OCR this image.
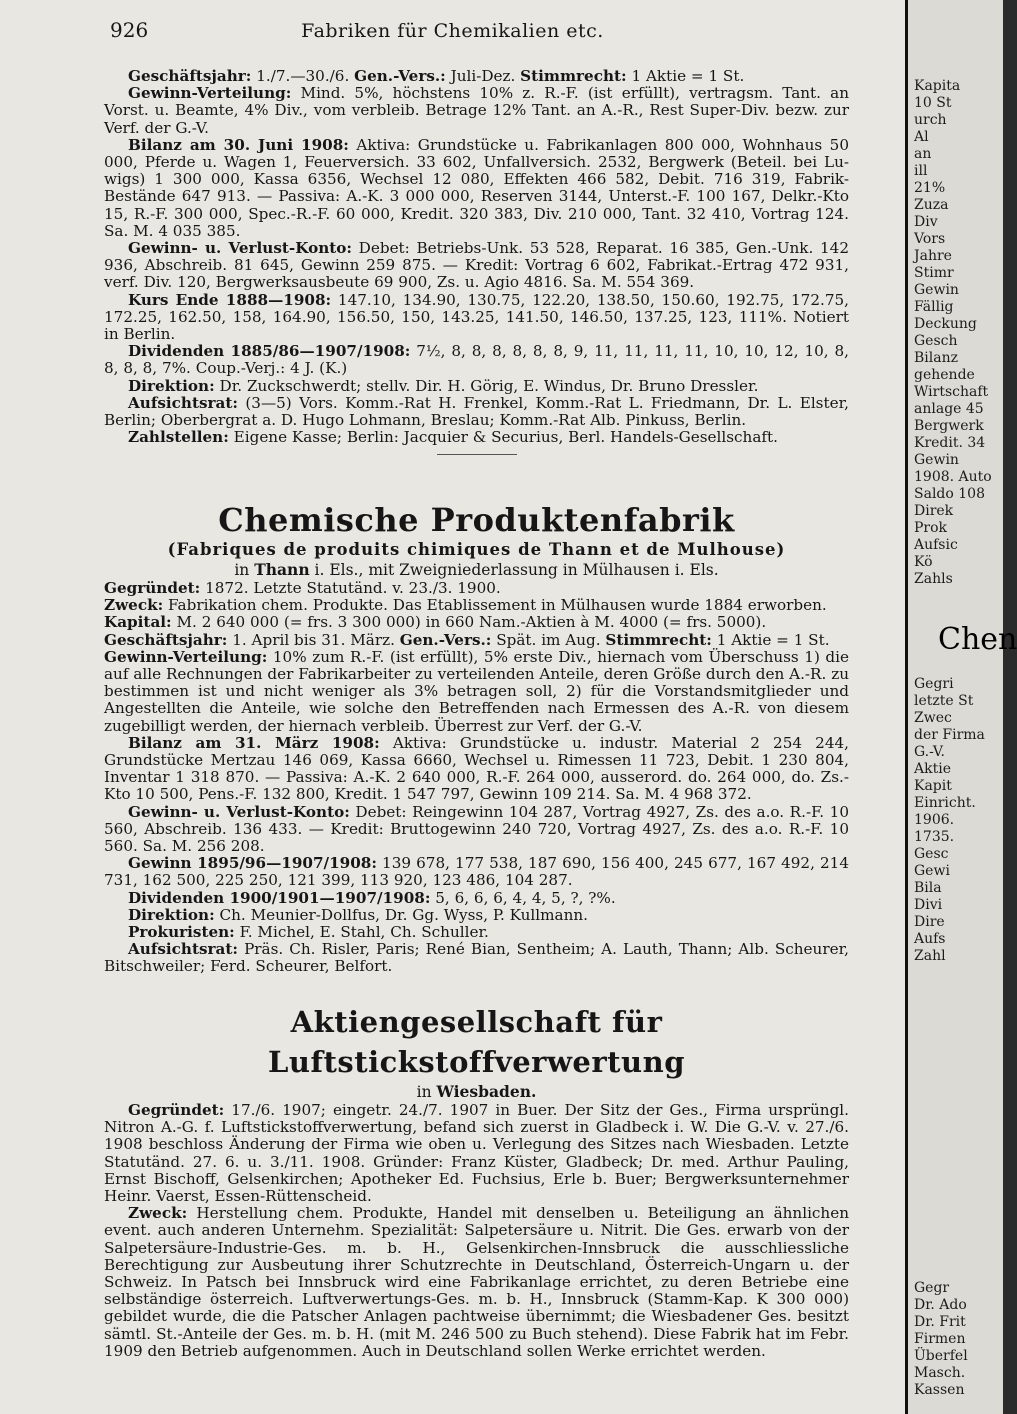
926	Fabriken für Chemikalien etc.

Geschäftsjahr: 1./7.—30./6. Gen.-Vers.: Juli-Dez. Stimmrecht: 1 Aktie = 1 St.

Gewinn-Verteilung: Mind. 5%, höchstens 10% z. R.-F. (ist erfüllt), vertragsm. Tant. an Vorst. u. Beamte, 4% Div., vom verbleib. Betrage 12% Tant. an A.-R., Rest Super-Div. bezw. zur Verf. der G.-V.

Bilanz am 30. Juni 1908: Aktiva: Grundstücke u. Fabrikanlagen 800 000, Wohnhaus 50 000, Pferde u. Wagen 1, Feuerversich. 33 602, Unfallversich. 2532, Bergwerk (Beteil. bei Lu-wigs) 1 300 000, Kassa 6356, Wechsel 12 080, Effekten 466 582, Debit. 716 319, Fabrik-Bestände 647 913. — Passiva: A.-K. 3 000 000, Reserven 3144, Unterst.-F. 100 167, Delkr.-Kto 15, R.-F. 300 000, Spec.-R.-F. 60 000, Kredit. 320 383, Div. 210 000, Tant. 32 410, Vortrag 124. Sa. M. 4 035 385.

Gewinn- u. Verlust-Konto: Debet: Betriebs-Unk. 53 528, Reparat. 16 385, Gen.-Unk. 142 936, Abschreib. 81 645, Gewinn 259 875. — Kredit: Vortrag 6 602, Fabrikat.-Ertrag 472 931, verf. Div. 120, Bergwerksausbeute 69 900, Zs. u. Agio 4816. Sa. M. 554 369.

Kurs Ende 1888—1908: 147.10, 134.90, 130.75, 122.20, 138.50, 150.60, 192.75, 172.75, 172.25, 162.50, 158, 164.90, 156.50, 150, 143.25, 141.50, 146.50, 137.25, 123, 111%. Notiert in Berlin.

Dividenden 1885/86—1907/1908: 7½, 8, 8, 8, 8, 8, 8, 9, 11, 11, 11, 11, 10, 10, 12, 10, 8, 8, 8, 8, 7%. Coup.-Verj.: 4 J. (K.)

Direktion: Dr. Zuckschwerdt; stellv. Dir. H. Görig, E. Windus, Dr. Bruno Dressler.

Aufsichtsrat: (3—5) Vors. Komm.-Rat H. Frenkel, Komm.-Rat L. Friedmann, Dr. L. Elster, Berlin; Oberbergrat a. D. Hugo Lohmann, Breslau; Komm.-Rat Alb. Pinkuss, Berlin.

Zahlstellen: Eigene Kasse; Berlin: Jacquier & Securius, Berl. Handels-Gesellschaft.

Chemische Produktenfabrik

(Fabriques de produits chimiques de Thann et de Mulhouse)

in Thann i. Els., mit Zweigniederlassung in Mülhausen i. Els.

Gegründet: 1872. Letzte Statutänd. v. 23./3. 1900.

Zweck: Fabrikation chem. Produkte. Das Etablissement in Mülhausen wurde 1884 erworben.

Kapital: M. 2 640 000 (= frs. 3 300 000) in 660 Nam.-Aktien à M. 4000 (= frs. 5000).

Geschäftsjahr: 1. April bis 31. März. Gen.-Vers.: Spät. im Aug. Stimmrecht: 1 Aktie = 1 St.

Gewinn-Verteilung: 10% zum R.-F. (ist erfüllt), 5% erste Div., hiernach vom Überschuss 1) die auf alle Rechnungen der Fabrikarbeiter zu verteilenden Anteile, deren Größe durch den A.-R. zu bestimmen ist und nicht weniger als 3% betragen soll, 2) für die Vorstandsmitglieder und Angestellten die Anteile, wie solche den Betreffenden nach Ermessen des A.-R. von diesem zugebilligt werden, der hiernach verbleib. Überrest zur Verf. der G.-V.

Bilanz am 31. März 1908: Aktiva: Grundstücke u. industr. Material 2 254 244, Grundstücke Mertzau 146 069, Kassa 6660, Wechsel u. Rimessen 11 723, Debit. 1 230 804, Inventar 1 318 870. — Passiva: A.-K. 2 640 000, R.-F. 264 000, ausserord. do. 264 000, do. Zs.-Kto 10 500, Pens.-F. 132 800, Kredit. 1 547 797, Gewinn 109 214. Sa. M. 4 968 372.

Gewinn- u. Verlust-Konto: Debet: Reingewinn 104 287, Vortrag 4927, Zs. des a.o. R.-F. 10 560, Abschreib. 136 433. — Kredit: Bruttogewinn 240 720, Vortrag 4927, Zs. des a.o. R.-F. 10 560. Sa. M. 256 208.

Gewinn 1895/96—1907/1908: 139 678, 177 538, 187 690, 156 400, 245 677, 167 492, 214 731, 162 500, 225 250, 121 399, 113 920, 123 486, 104 287.

Dividenden 1900/1901—1907/1908: 5, 6, 6, 6, 4, 4, 5, ?, ?%.

Direktion: Ch. Meunier-Dollfus, Dr. Gg. Wyss, P. Kullmann.

Prokuristen: F. Michel, E. Stahl, Ch. Schuller.

Aufsichtsrat: Präs. Ch. Risler, Paris; René Bian, Sentheim; A. Lauth, Thann; Alb. Scheurer, Bitschweiler; Ferd. Scheurer, Belfort.

Aktiengesellschaft für Luftstickstoffverwertung

in Wiesbaden.

Gegründet: 17./6. 1907; eingetr. 24./7. 1907 in Buer. Der Sitz der Ges., Firma ursprüngl. Nitron A.-G. f. Luftstickstoffverwertung, befand sich zuerst in Gladbeck i. W. Die G.-V. v. 27./6. 1908 beschloss Änderung der Firma wie oben u. Verlegung des Sitzes nach Wiesbaden. Letzte Statutänd. 27. 6. u. 3./11. 1908. Gründer: Franz Küster, Gladbeck; Dr. med. Arthur Pauling, Ernst Bischoff, Gelsenkirchen; Apotheker Ed. Fuchsius, Erle b. Buer; Bergwerksunternehmer Heinr. Vaerst, Essen-Rüttenscheid.

Zweck: Herstellung chem. Produkte, Handel mit denselben u. Beteiligung an ähnlichen event. auch anderen Unternehm. Spezialität: Salpetersäure u. Nitrit. Die Ges. erwarb von der Salpetersäure-Industrie-Ges. m. b. H., Gelsenkirchen-Innsbruck die ausschliessliche Berechtigung zur Ausbeutung ihrer Schutzrechte in Deutschland, Österreich-Ungarn u. der Schweiz. In Patsch bei Innsbruck wird eine Fabrikanlage errichtet, zu deren Betriebe eine selbständige österreich. Luftverwertungs-Ges. m. b. H., Innsbruck (Stamm-Kap. K 300 000) gebildet wurde, die die Patscher Anlagen pachtweise übernimmt; die Wiesbadener Ges. besitzt sämtl. St.-Anteile der Ges. m. b. H. (mit M. 246 500 zu Buch stehend). Diese Fabrik hat im Febr. 1909 den Betrieb aufgenommen. Auch in Deutschland sollen Werke errichtet werden.

Kapita
10 St
urch
Al
an
ill
21%
Zuza
Div
Vors
Jahre
Stimr
Gewin
Fällig
Deckung
Gesch
Bilanz
gehende
Wirtschaft
anlage 45
Bergwerk
Kredit. 34
Gewin
1908. Auto
Saldo 108
Direk
Prok
Aufsic
Kö
Zahls
Chen
Gegri
letzte St
Zwec
der Firma
G.-V.
Aktie
Kapit
Einricht.
1906.
1735.
Gesc
Gewi
Bila
Divi
Dire
Aufs
Zahl
Gegr
Dr. Ado
Dr. Frit
Firmen
Überfel
Masch.
Kassen
